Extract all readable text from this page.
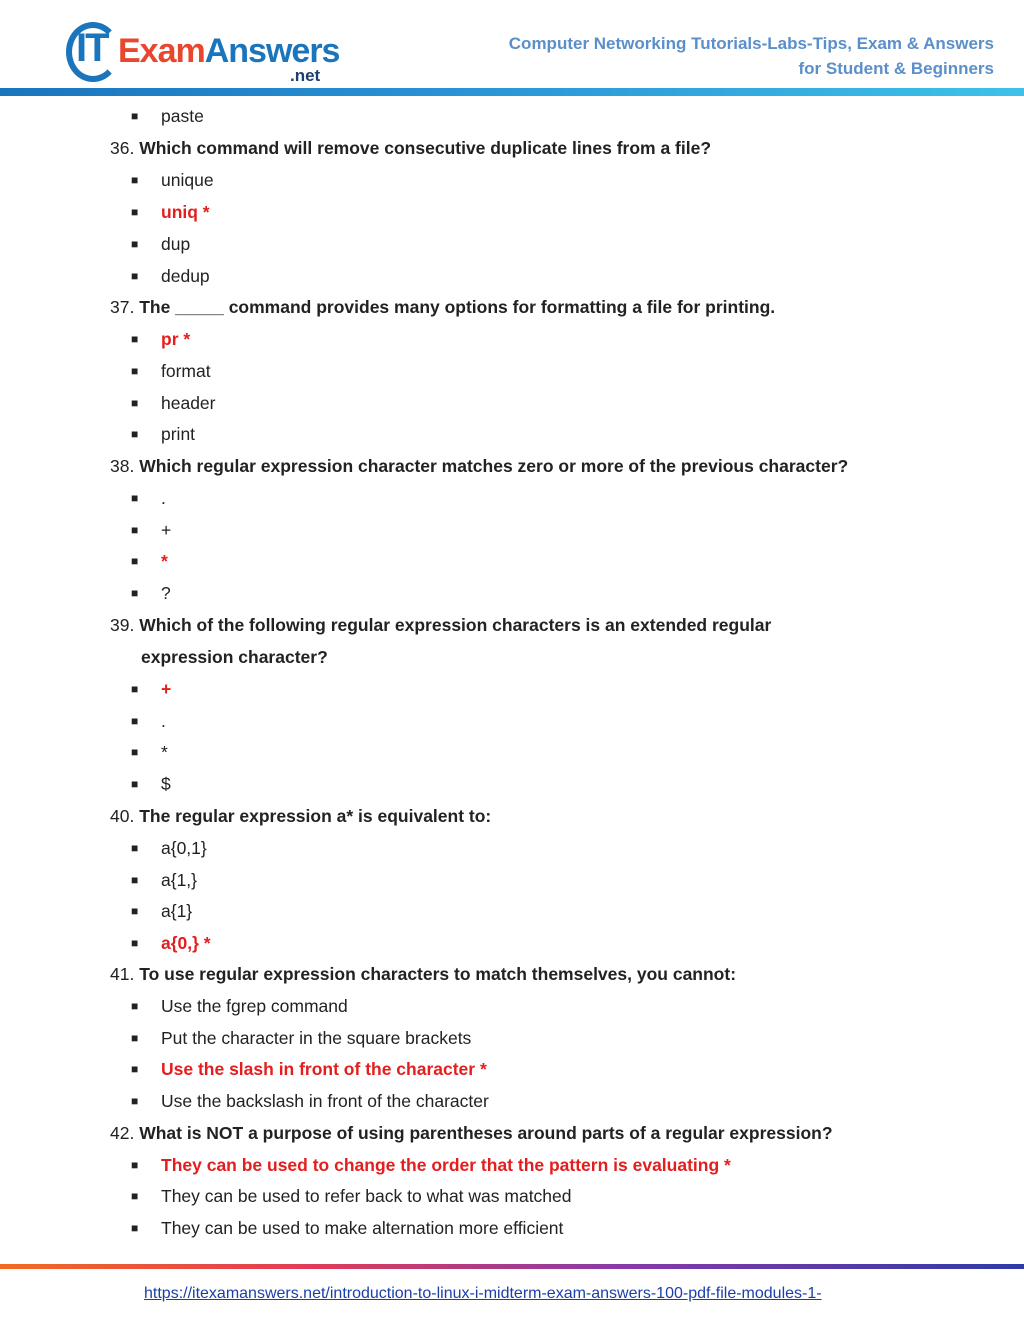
IT ExamAnswers
.net
Computer Networking Tutorials-Labs-Tips, Exam & Answers
for Student & Beginners
■ paste
36. Which command will remove consecutive duplicate lines from a file?
■ unique
■ uniq *
■ dup
■ dedup
37. The _____ command provides many options for formatting a file for printing.
■ pr *
■ format
■ header
■ print
38. Which regular expression character matches zero or more of the previous character?
■ .
■ +
■ *
■ ?
39. Which of the following regular expression characters is an extended regular
expression character?
■ +
■ .
■ *
■ $
40. The regular expression a* is equivalent to:
■ a{0,1}
■ a{1,}
■ a{1}
■ a{0,} *
41. To use regular expression characters to match themselves, you cannot:
■ Use the fgrep command
■ Put the character in the square brackets
■ Use the slash in front of the character *
■ Use the backslash in front of the character
42. What is NOT a purpose of using parentheses around parts of a regular expression?
■ They can be used to change the order that the pattern is evaluating *
■ They can be used to refer back to what was matched
■ They can be used to make alternation more efficient
https://itexamanswers.net/introduction-to-linux-i-midterm-exam-answers-100-pdf-file-modules-1-
